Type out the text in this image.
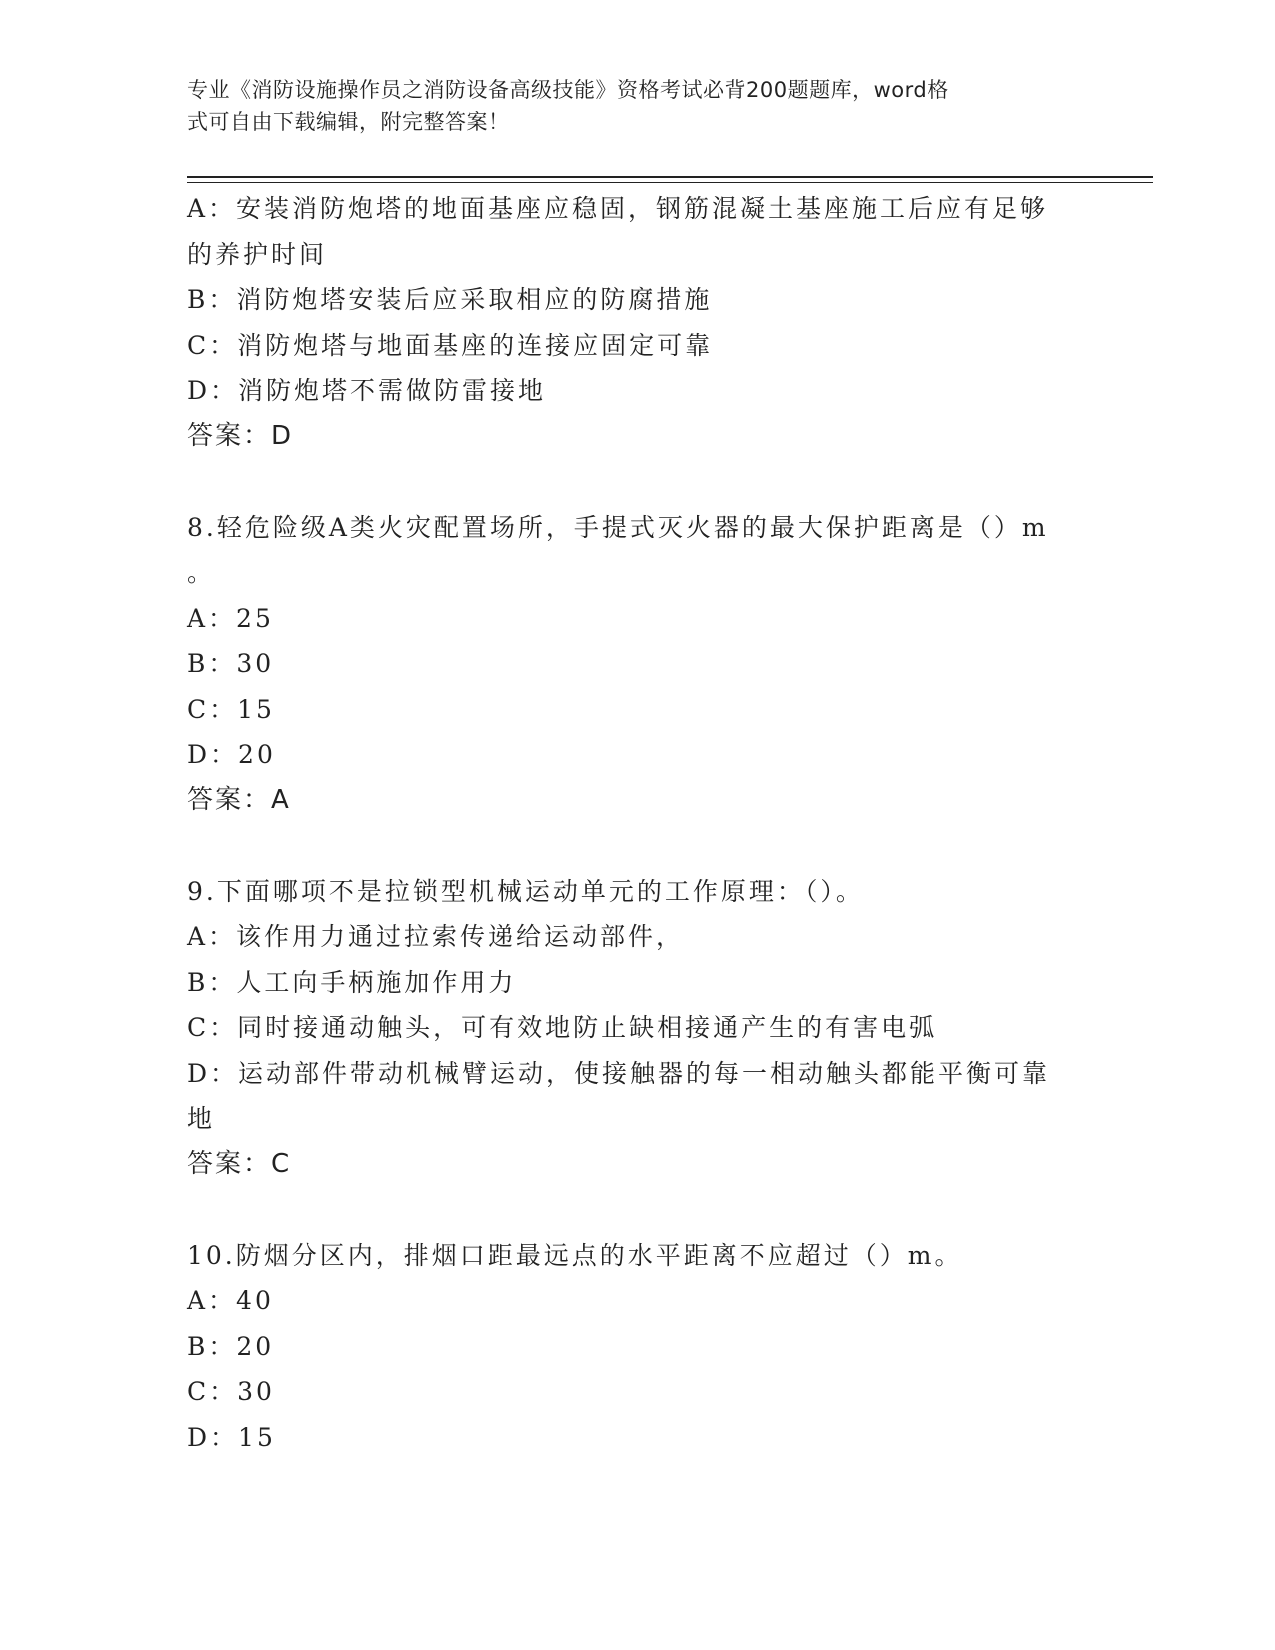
专业《消防设施操作员之消防设备高级技能》资格考试必背200题题库，word格
式可自由下载编辑，附完整答案！
A：安装消防炮塔的地面基座应稳固，钢筋混凝土基座施工后应有足够
的养护时间
B：消防炮塔安装后应采取相应的防腐措施
C：消防炮塔与地面基座的连接应固定可靠
D：消防炮塔不需做防雷接地
答案：D
8.轻危险级A类火灾配置场所，手提式灭火器的最大保护距离是（）m
。
A：25
B：30
C：15
D：20
答案：A
9.下面哪项不是拉锁型机械运动单元的工作原理：（）。
A：该作用力通过拉索传递给运动部件，
B：人工向手柄施加作用力
C：同时接通动触头，可有效地防止缺相接通产生的有害电弧
D：运动部件带动机械臂运动，使接触器的每一相动触头都能平衡可靠
地
答案：C
10.防烟分区内，排烟口距最远点的水平距离不应超过（）m。
A：40
B：20
C：30
D：15
